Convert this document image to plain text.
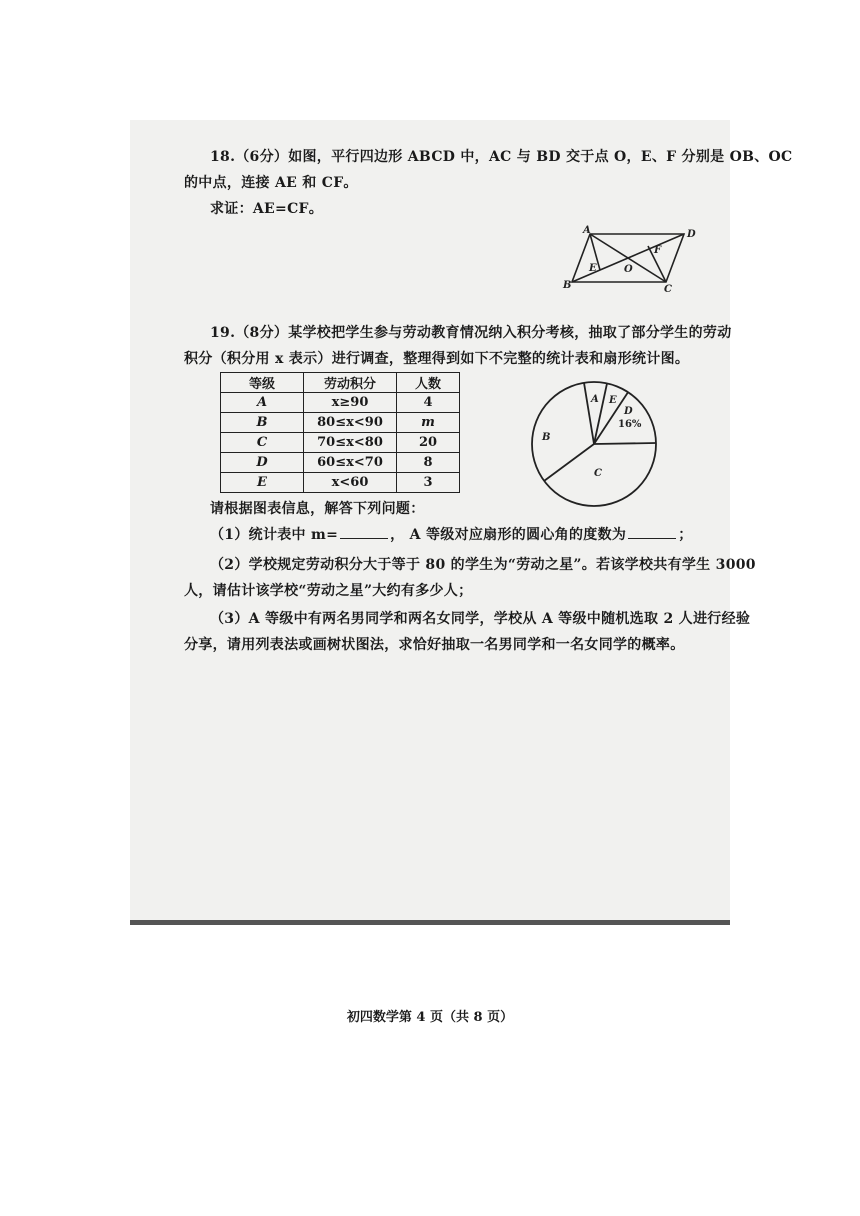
18.（6分）如图，平行四边形 ABCD 中，AC 与 BD 交于点 O，E、F 分别是 OB、OC
的中点，连接 AE 和 CF。
求证：AE=CF。
19.（8分）某学校把学生参与劳动教育情况纳入积分考核，抽取了部分学生的劳动
积分（积分用 x 表示）进行调查，整理得到如下不完整的统计表和扇形统计图。
请根据图表信息，解答下列问题：
（1）统计表中 m=	， A 等级对应扇形的圆心角的度数为	；
（2）学校规定劳动积分大于等于 80 的学生为“劳动之星”。若该学校共有学生 3000
人，请估计该学校“劳动之星”大约有多少人；
（3）A 等级中有两名男同学和两名女同学，学校从 A 等级中随机选取 2 人进行经验
分享，请用列表法或画树状图法，求恰好抽取一名男同学和一名女同学的概率。
初四数学第 4 页（共 8 页）
A	D
B	C
E
F
O
等级	劳动积分	人数
A	x≥90	4
B	80≤x<90	m
C	70≤x<80	20
D	60≤x<70	8
E	x<60	3
A E
D
16%
B
C
